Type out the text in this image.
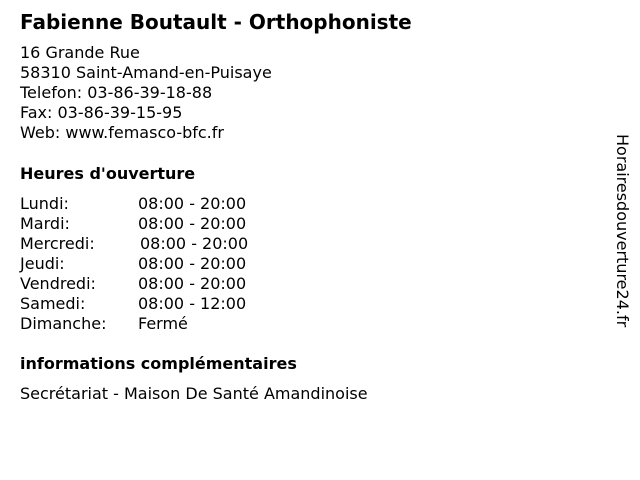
Fabienne Boutault - Orthophoniste
16 Grande Rue
58310 Saint-Amand-en-Puisaye
Telefon: 03-86-39-18-88
Fax: 03-86-39-15-95
Web: www.femasco-bfc.fr
Heures d'ouverture
Lundi:	08:00 - 20:00
Mardi:	08:00 - 20:00
Mercredi:	08:00 - 20:00
Jeudi:	08:00 - 20:00
Vendredi:	08:00 - 20:00
Samedi:	08:00 - 12:00
Dimanche: Fermé
informations complémentaires
Secrétariat - Maison De Santé Amandinoise
Horairesdouverture24.fr
